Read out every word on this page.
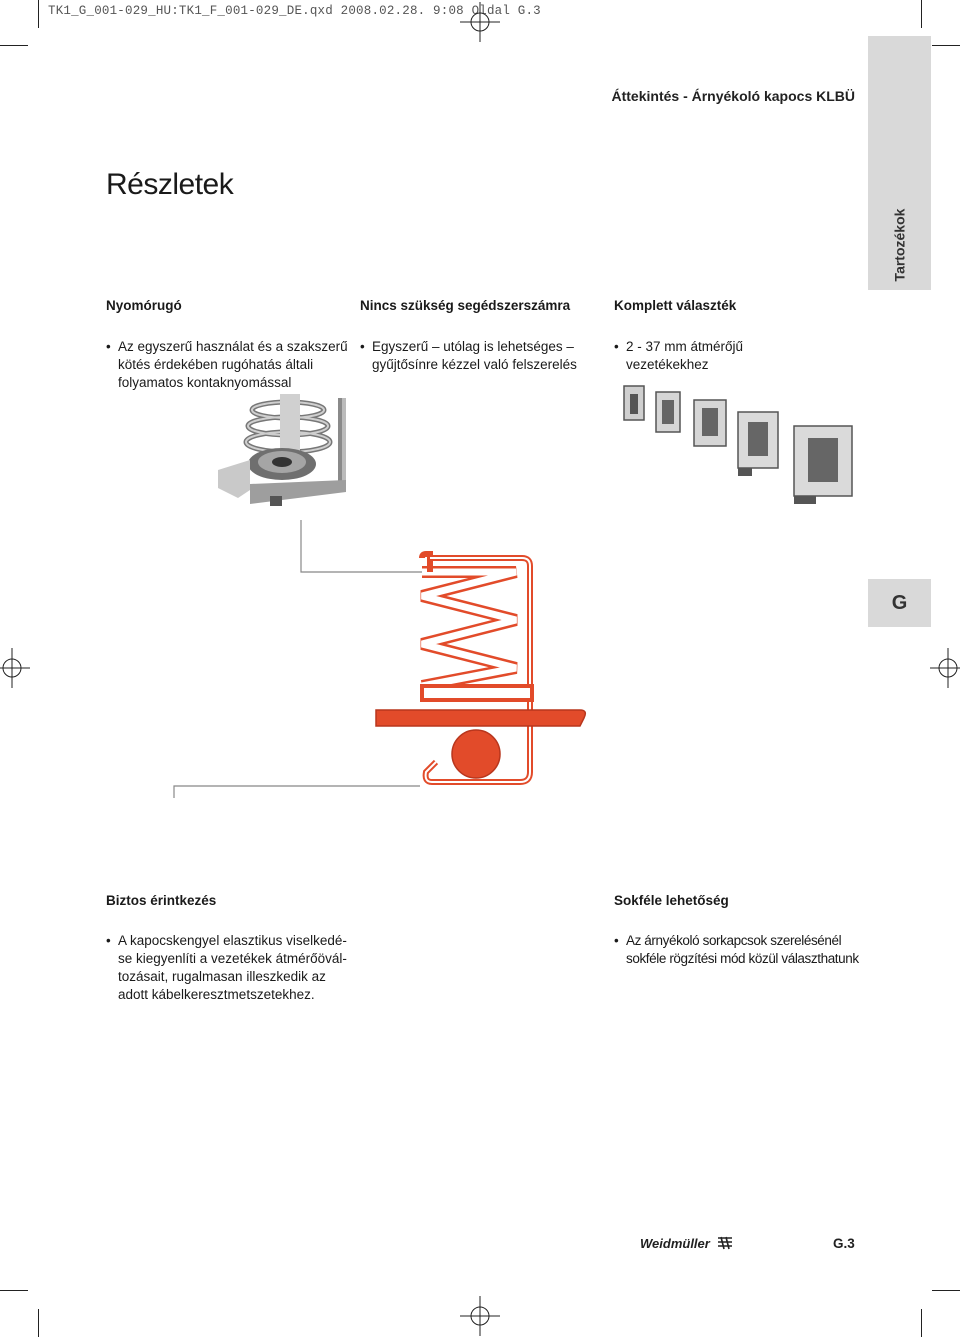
TK1_G_001-029_HU:TK1_F_001-029_DE.qxd 2008.02.28. 9:08 Oldal G.3
Tartozékok
G
Áttekintés - Árnyékoló kapocs KLBÜ
Részletek
Nyomórugó
• Az egyszerű használat és a szakszerű
kötés érdekében rugóhatás általi
folyamatos kontaknyomással
Nincs szükség segédszerszámra
• Egyszerű – utólag is lehetséges –
gyűjtősínre kézzel való felszerelés
Komplett választék
• 2 - 37 mm átmérőjű
vezetékekhez
Biztos érintkezés
• A kapocskengyel elasztikus viselkedé-
se kiegyenlíti a vezetékek átmérőövál-
tozásait, rugalmasan illeszkedik az
adott kábelkeresztmetszetekhez.
Sokféle lehetőség
• Az árnyékoló sorkapcsok szerelésénél
sokféle rögzítési mód közül választhatunk
Weidmüller	G.3
